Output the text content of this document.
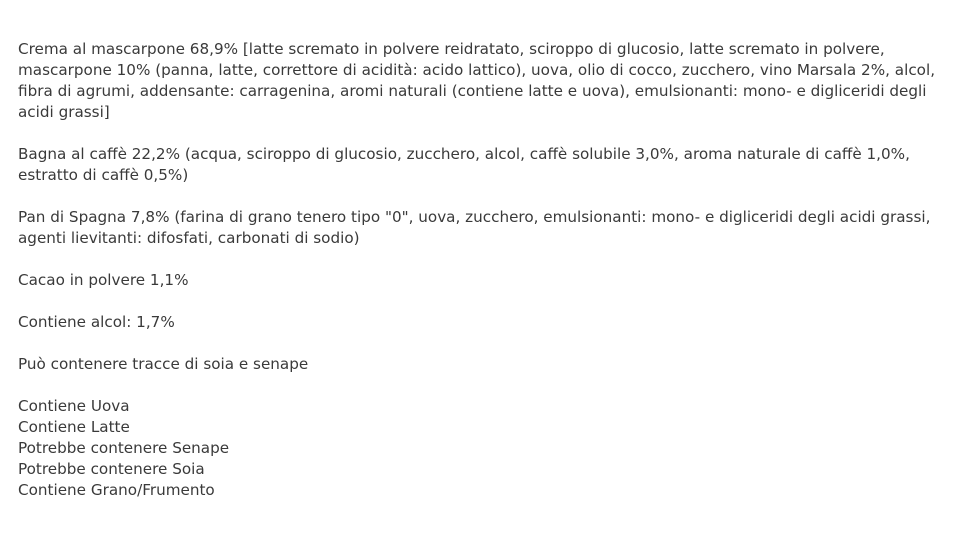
Crema al mascarpone 68,9% [latte scremato in polvere reidratato, sciroppo di glucosio, latte scremato in polvere, mascarpone 10% (panna, latte, correttore di acidità: acido lattico), uova, olio di cocco, zucchero, vino Marsala 2%, alcol, fibra di agrumi, addensante: carragenina, aromi naturali (contiene latte e uova), emulsionanti: mono- e digliceridi degli acidi grassi]

Bagna al caffè 22,2% (acqua, sciroppo di glucosio, zucchero, alcol, caffè solubile 3,0%, aroma naturale di caffè 1,0%, estratto di caffè 0,5%)

Pan di Spagna 7,8% (farina di grano tenero tipo "0", uova, zucchero, emulsionanti: mono- e digliceridi degli acidi grassi, agenti lievitanti: difosfati, carbonati di sodio)

Cacao in polvere 1,1%

Contiene alcol: 1,7%

Può contenere tracce di soia e senape

Contiene Uova

Contiene Latte

Potrebbe contenere Senape

Potrebbe contenere Soia

Contiene Grano/Frumento
